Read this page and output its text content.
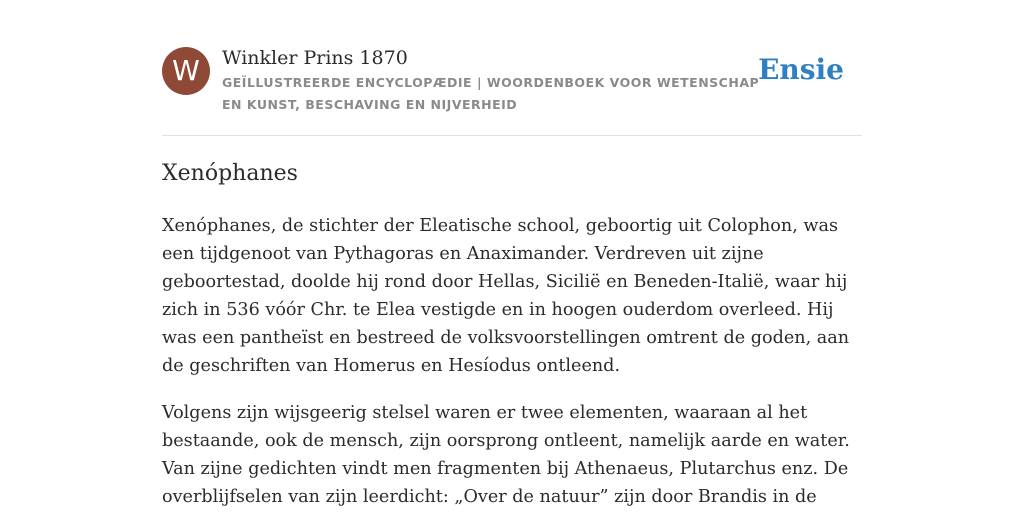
W	Winkler Prins 1870
GEÏLLUSTREERDE ENCYCLOPÆDIE | WOORDENBOEK VOOR WETENSCHAP EN KUNST, BESCHAVING EN NIJVERHEID
Ensie
Xenóphanes

Xenóphanes, de stichter der Eleatische school, geboortig uit Colophon, was een tijdgenoot van Pythagoras en Anaximander. Verdreven uit zijne geboortestad, doolde hij rond door Hellas, Sicilië en Beneden-Italië, waar hij zich in 536 vóór Chr. te Elea vestigde en in hoogen ouderdom overleed. Hij was een pantheïst en bestreed de volksvoorstellingen omtrent de goden, aan de geschriften van Homerus en Hesíodus ontleend.

Volgens zijn wijsgeerig stelsel waren er twee elementen, waaraan al het bestaande, ook de mensch, zijn oorsprong ontleent, namelijk aarde en water. Van zijne gedichten vindt men fragmenten bij Athenaeus, Plutarchus enz. De overblijfselen van zijn leerdicht: „Over de natuur” zijn door Brandis in de
